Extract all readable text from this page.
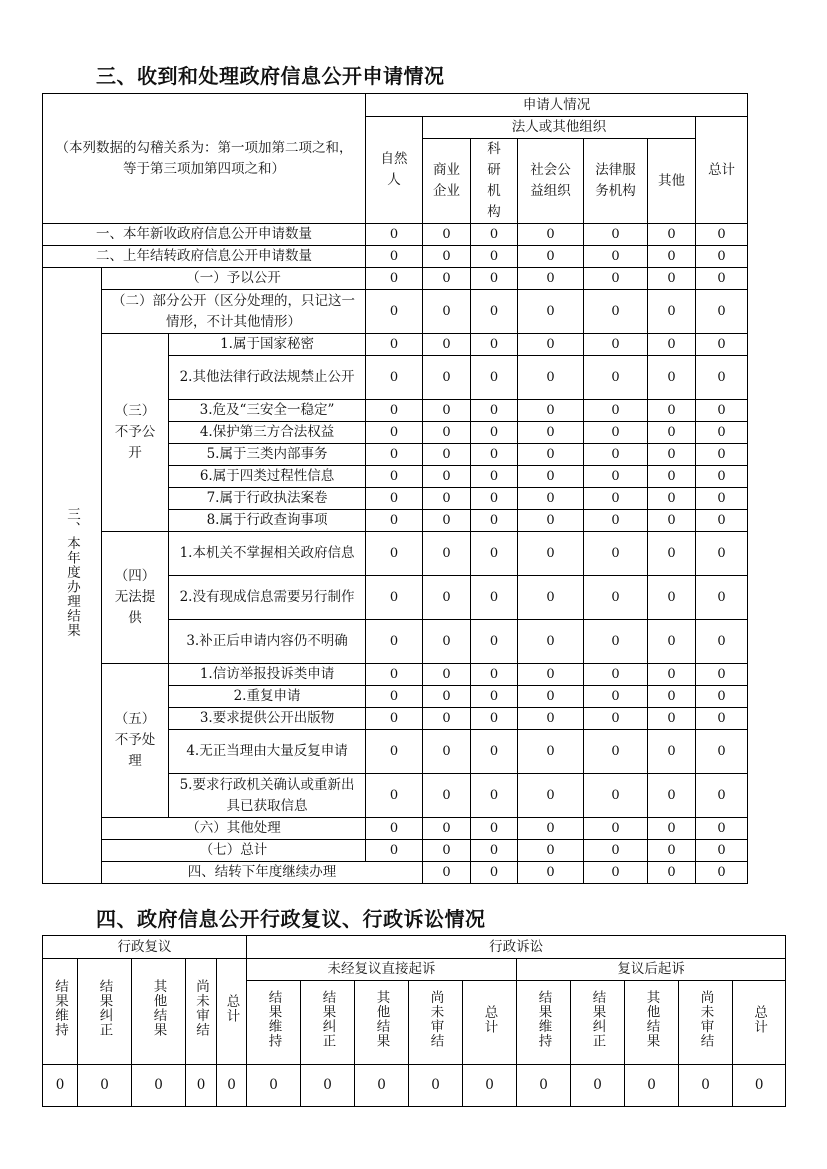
三、收到和处理政府信息公开申请情况
（本列数据的勾稽关系为：第一项加第二项之和，等于第三项加第四项之和）			申请人情况							
			自然人	法人或其他组织					总计	
				商业企业	科研机构	社会公益组织	法律服务机构	其他		

一、本年新收政府信息公开申请数量			0	0	0	0	0	0	0	
二、上年结转政府信息公开申请数量			0	0	0	0	0	0	0	
三、本年度办理结果	（一）予以公开		0	0	0	0	0	0	0	
	（二）部分公开（区分处理的，只记这一情形，不计其他情形）		0	0	0	0	0	0	0	
	（三）不予公开	1.属于国家秘密	0	0	0	0	0	0	0	
		2.其他法律行政法规禁止公开	0	0	0	0	0	0	0	
		3.危及“三安全一稳定”	0	0	0	0	0	0	0	
		4.保护第三方合法权益	0	0	0	0	0	0	0	
		5.属于三类内部事务	0	0	0	0	0	0	0	
		6.属于四类过程性信息	0	0	0	0	0	0	0	
		7.属于行政执法案卷	0	0	0	0	0	0	0	
		8.属于行政查询事项	0	0	0	0	0	0	0	

	（四）无法提供	1.本机关不掌握相关政府信息	0	0	0	0	0	0	0	
		2.没有现成信息需要另行制作	0	0	0	0	0	0	0	
		3.补正后申请内容仍不明确	0	0	0	0	0	0	0	
	（五）不予处理	1.信访举报投诉类申请	0	0	0	0	0	0	0	
		2.重复申请	0	0	0	0	0	0	0	
		3.要求提供公开出版物	0	0	0	0	0	0	0	
		4.无正当理由大量反复申请	0	0	0	0	0	0	0	
		5.要求行政机关确认或重新出具已获取信息	0	0	0	0	0	0	0	
	（六）其他处理		0	0	0	0	0	0	0	
	（七）总计		0	0	0	0	0	0	0	
	四、结转下年度继续办理			0	0	0	0	0	0	
四、政府信息公开行政复议、行政诉讼情况
行政复议					行政诉讼									
结果维持	结果纠正	其他结果	尚未审结	总计	未经复议直接起诉					复议后起诉				
					结果维持	结果纠正	其他结果	尚未审结	总计	结果维持	结果纠正	其他结果	尚未审结	总计
0	0	0	0	0	0	0	0	0	0	0	0	0	0	0
